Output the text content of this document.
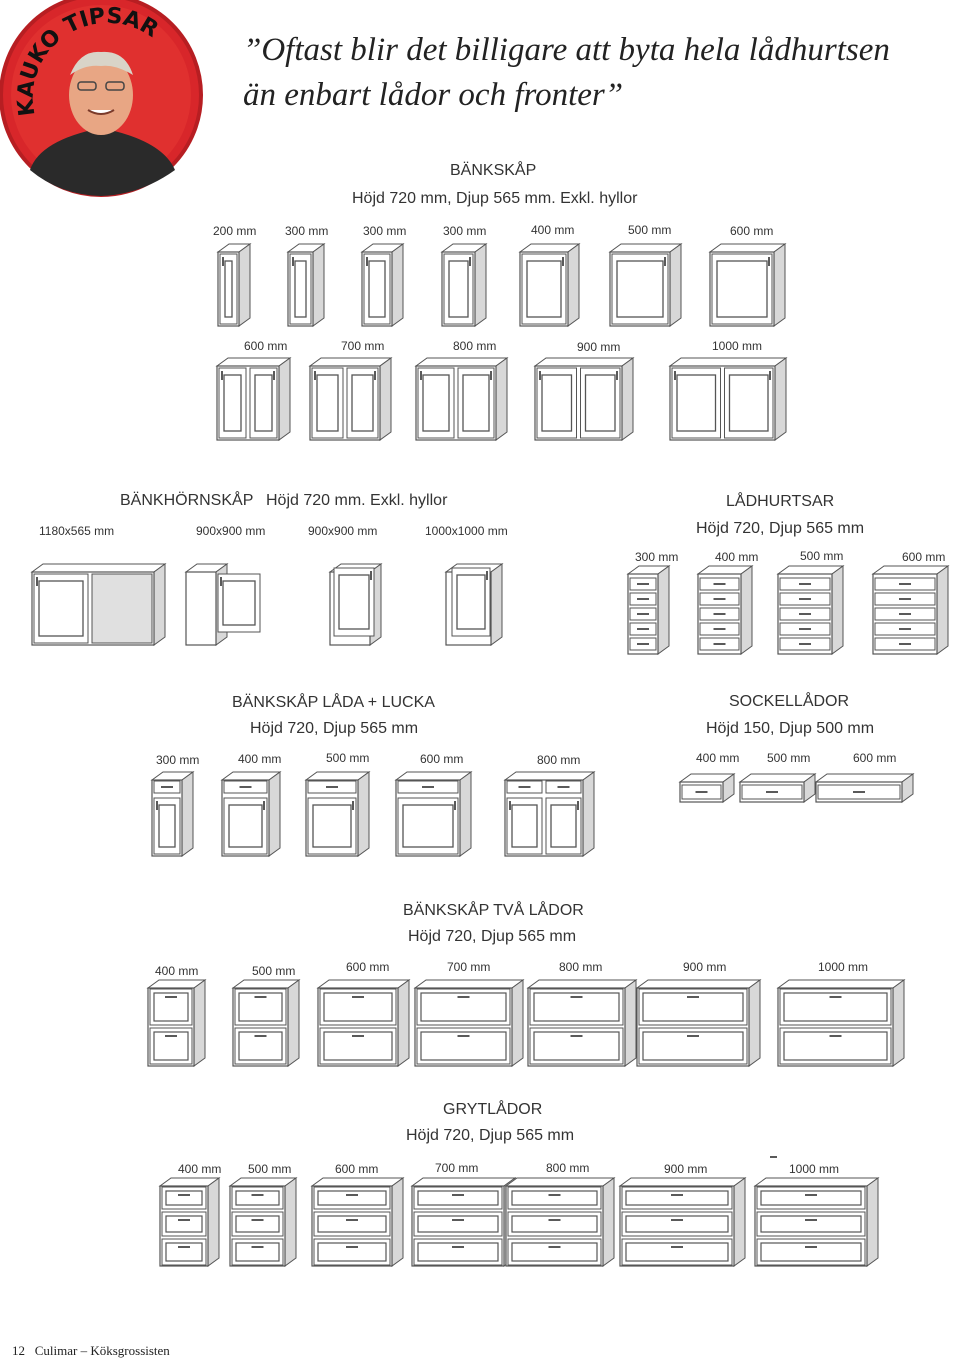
KAUKO TIPSAR
”Oftast blir det billigare att byta hela lådhurtsen
än enbart lådor och fronter”
BÄNKSKÅP
Höjd 720 mm, Djup 565 mm. Exkl. hyllor
200 mm 300 mm	300 mm	300 mm	400 mm	500 mm	600 mm
600 mm	700 mm	800 mm	900 mm	1000 mm
BÄNKHÖRNSKÅP Höjd 720 mm. Exkl. hyllor
1180x565 mm	900x900 mm	900x900 mm	1000x1000 mm
LÅDHURTSAR
Höjd 720, Djup 565 mm
300 mm	400 mm	500 mm	600 mm
BÄNKSKÅP LÅDA + LUCKA
Höjd 720, Djup 565 mm
300 mm	400 mm	500 mm	600 mm	800 mm
SOCKELLÅDOR
Höjd 150, Djup 500 mm
400 mm 500 mm	600 mm
BÄNKSKÅP TVÅ LÅDOR
Höjd 720, Djup 565 mm
400 mm	500 mm	600 mm	700 mm	800 mm	900 mm	1000 mm
GRYTLÅDOR
Höjd 720, Djup 565 mm
400 mm 500 mm	600 mm	700 mm	800 mm	900 mm	1000 mm
12 Culimar – Köksgrossisten
